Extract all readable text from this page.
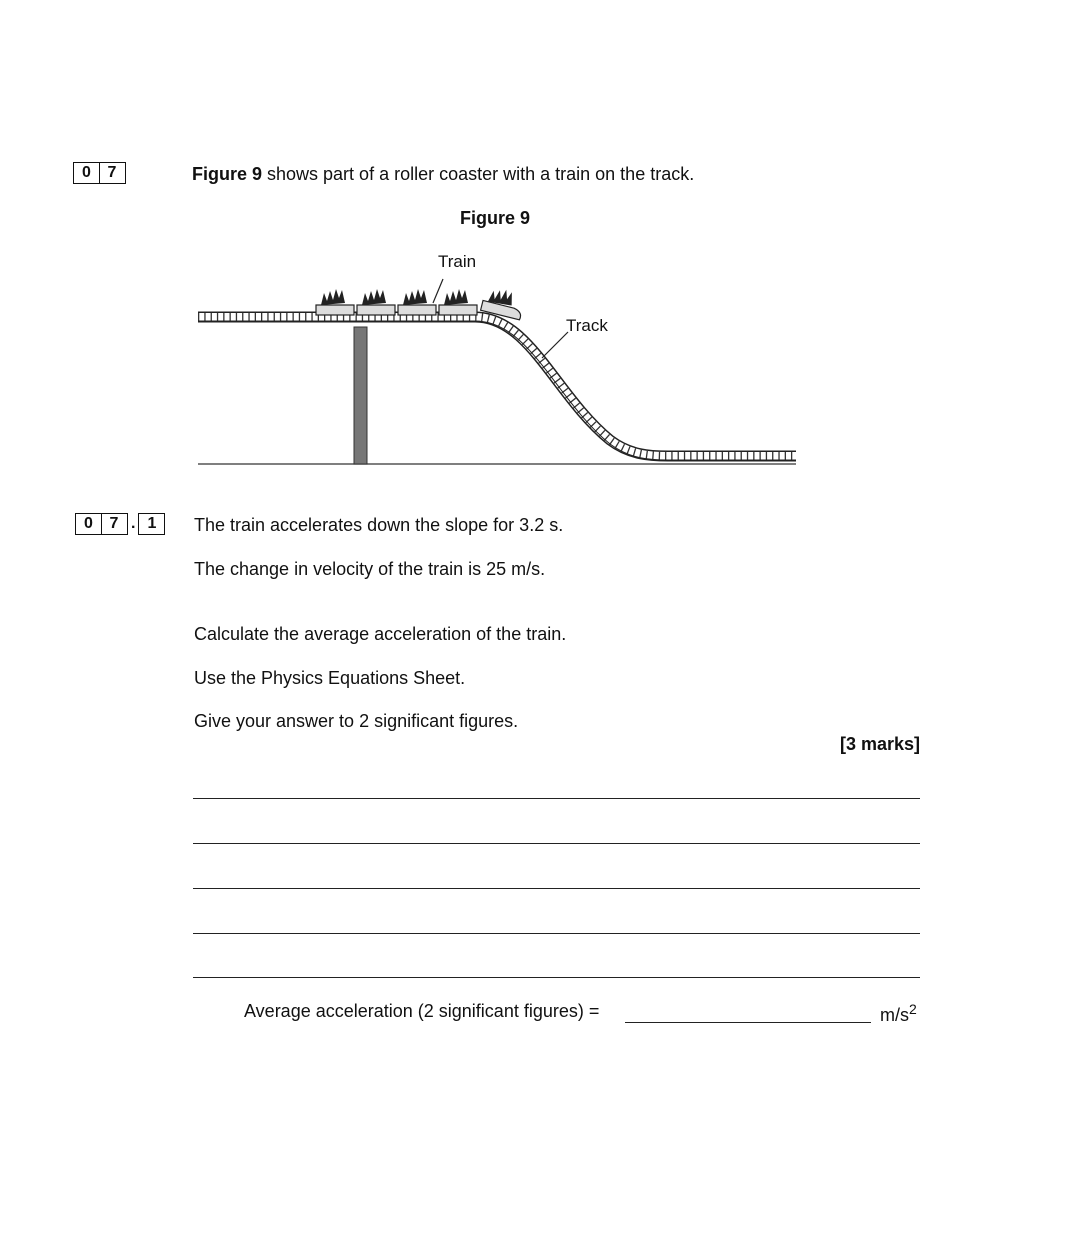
0	7	Figure 9 shows part of a roller coaster with a train on the track.
Figure 9
Train
Track
0	7 . 1	The train accelerates down the slope for 3.2 s.
The change in velocity of the train is 25 m/s.
Calculate the average acceleration of the train.
Use the Physics Equations Sheet.
Give your answer to 2 significant figures.
[3 marks]
Average acceleration (2 significant figures) =	$m/s^2$
